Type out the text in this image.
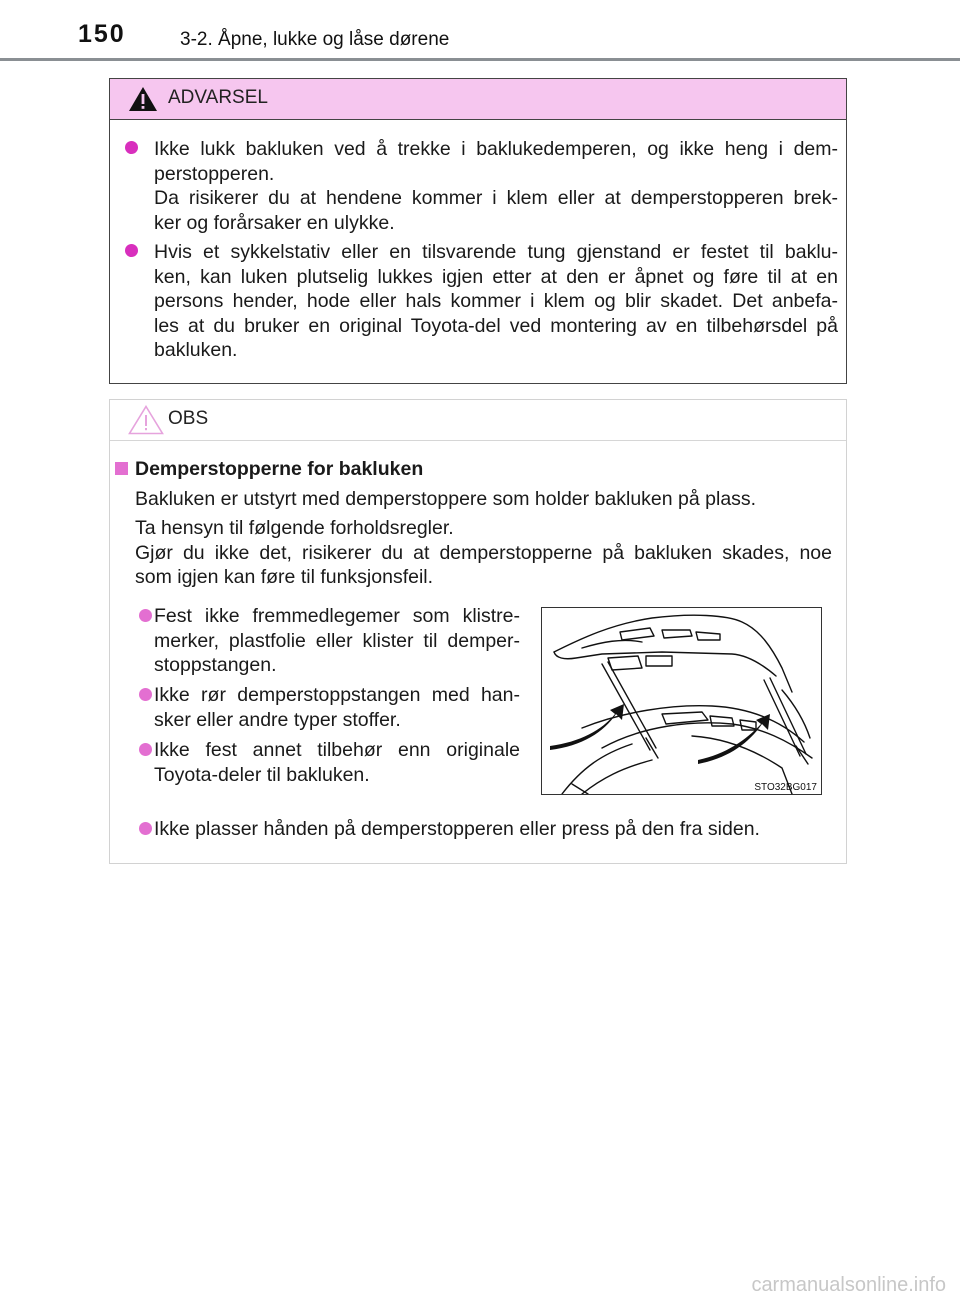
150	3-2. Åpne, lukke og låse dørene
ADVARSEL
Ikke lukk bakluken ved å trekke i baklukedemperen, og ikke heng i dem-
perstopperen.
Da risikerer du at hendene kommer i klem eller at demperstopperen brek-
ker og forårsaker en ulykke.
Hvis et sykkelstativ eller en tilsvarende tung gjenstand er festet til baklu-
ken, kan luken plutselig lukkes igjen etter at den er åpnet og føre til at en
persons hender, hode eller hals kommer i klem og blir skadet. Det anbefa-
les at du bruker en original Toyota-del ved montering av en tilbehørsdel på
bakluken.
OBS
Demperstopperne for bakluken
Bakluken er utstyrt med demperstoppere som holder bakluken på plass.
Ta hensyn til følgende forholdsregler.
Gjør du ikke det, risikerer du at demperstopperne på bakluken skades, noe
som igjen kan føre til funksjonsfeil.
Fest ikke fremmedlegemer som klistre-
merker, plastfolie eller klister til demper-
stoppstangen.
Ikke rør demperstoppstangen med han-
sker eller andre typer stoffer.
Ikke fest annet tilbehør enn originale
Toyota-deler til bakluken.
STO32BG017
Ikke plasser hånden på demperstopperen eller press på den fra siden.
carmanualsonline.info
